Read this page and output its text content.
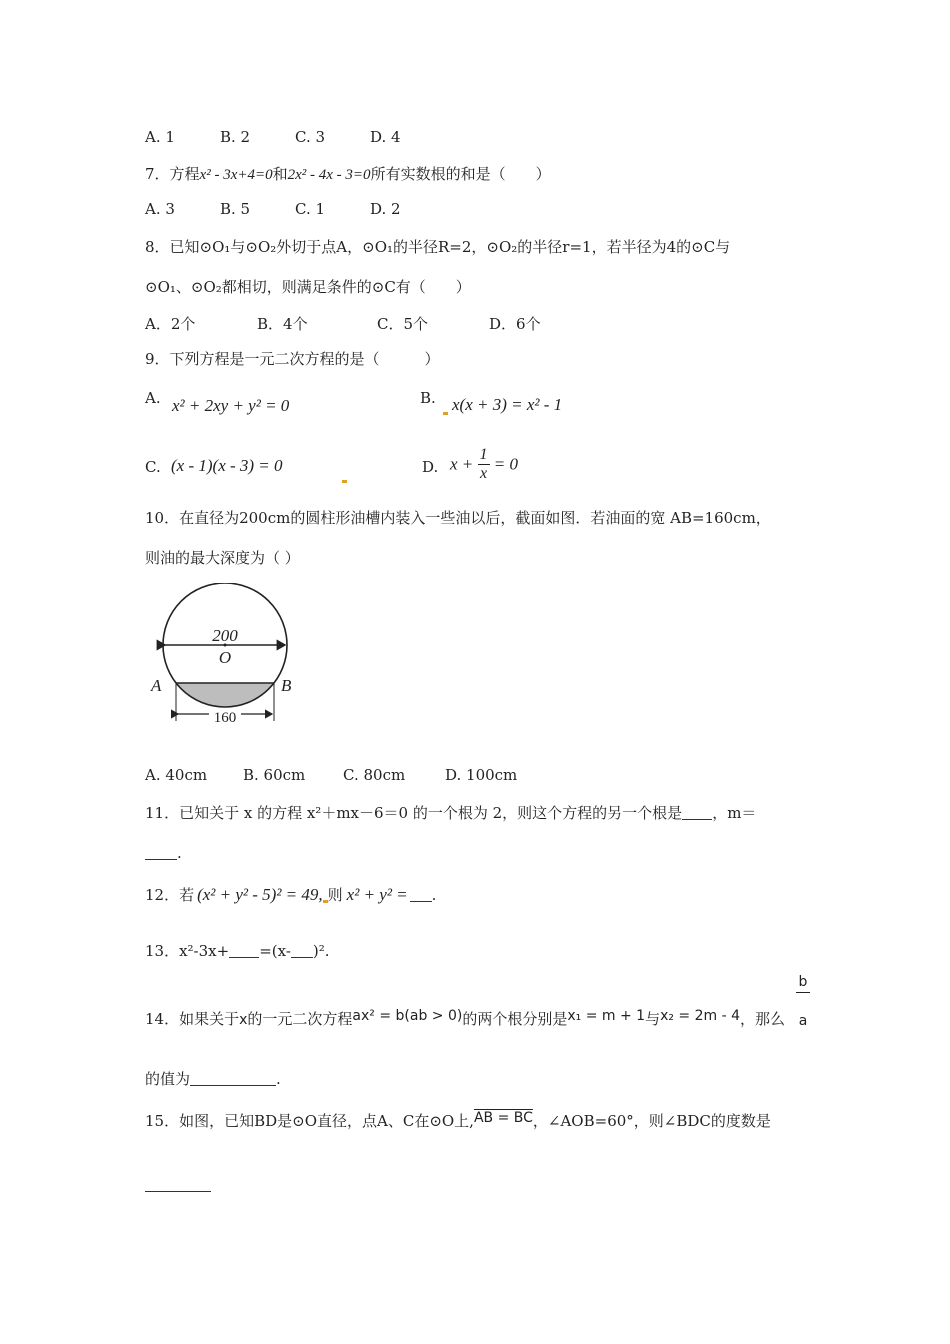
A. 1	B. 2	C. 3	D. 4
7．方程x² - 3x+4=0和2x² - 4x - 3=0所有实数根的和是（　　）
A. 3	B. 5	C. 1	D. 2
8．已知⊙O₁与⊙O₂外切于点A，⊙O₁的半径R=2，⊙O₂的半径r=1，若半径为4的⊙C与
⊙O₁、⊙O₂都相切，则满足条件的⊙C有（　　）
A．2个	B．4个	C．5个	D．6个
9．下列方程是一元二次方程的是（　　　）
A. x² + 2xy + y² = 0	B. x(x + 3) = x² - 1
C. (x - 1)(x - 3) = 0	D. $x + \frac{1}{x} = 0$
10．在直径为200cm的圆柱形油槽内装入一些油以后，截面如图．若油面的宽 AB=160cm，
则油的最大深度为（ ）
200
O
A	B
160
A. 40cm B. 60cm	C. 80cm	D. 100cm
11．已知关于 x 的方程 x²＋mx－6＝0 的一个根为 2，则这个方程的另一个根是 ，m＝
.
12．若 (x² + y² - 5)² = 49, 则 x² + y² = .
13．x²-3x+ =(x- )².
14．如果关于x的一元二次方程ax² = b(ab > 0)的两个根分别是x₁ = m + 1与x₂ = 2m - 4，那么 $\frac{b}{a}$
的值为	.
15．如图，已知BD是⊙O直径，点A、C在⊙O上,AB = BC，∠AOB=60°，则∠BDC的度数是
